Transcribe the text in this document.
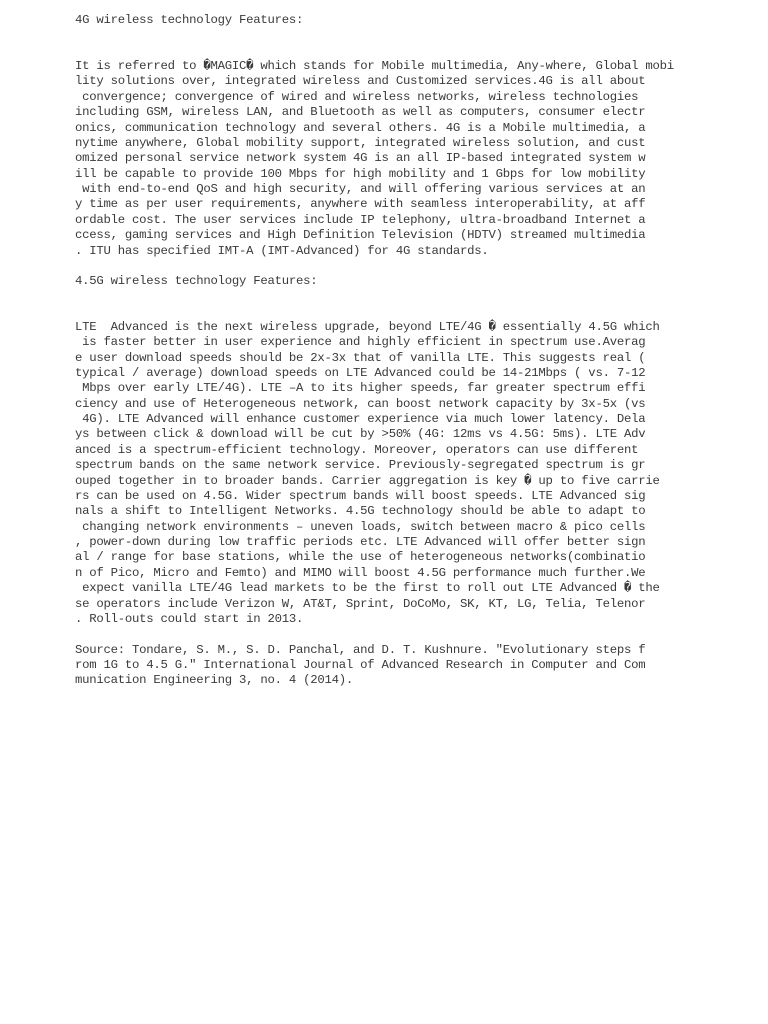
4G wireless technology Features:

It is referred to �MAGIC� which stands for Mobile multimedia, Any-where, Global mobi

lity solutions over, integrated wireless and Customized services.4G is all about

convergence; convergence of wired and wireless networks, wireless technologies

including GSM, wireless LAN, and Bluetooth as well as computers, consumer electr

onics, communication technology and several others. 4G is a Mobile multimedia, a

nytime anywhere, Global mobility support, integrated wireless solution, and cust

omized personal service network system 4G is an all IP-based integrated system w

ill be capable to provide 100 Mbps for high mobility and 1 Gbps for low mobility

with end-to-end QoS and high security, and will offering various services at an

y time as per user requirements, anywhere with seamless interoperability, at aff

ordable cost. The user services include IP telephony, ultra-broadband Internet a

ccess, gaming services and High Definition Television (HDTV) streamed multimedia

. ITU has specified IMT-A (IMT-Advanced) for 4G standards.

4.5G wireless technology Features:

LTE  Advanced is the next wireless upgrade, beyond LTE/4G � essentially 4.5G which

is faster better in user experience and highly efficient in spectrum use.Averag

e user download speeds should be 2x-3x that of vanilla LTE. This suggests real (

typical / average) download speeds on LTE Advanced could be 14-21Mbps ( vs. 7-12

Mbps over early LTE/4G). LTE –A to its higher speeds, far greater spectrum effi

ciency and use of Heterogeneous network, can boost network capacity by 3x-5x (vs

4G). LTE Advanced will enhance customer experience via much lower latency. Dela

ys between click & download will be cut by >50% (4G: 12ms vs 4.5G: 5ms). LTE Adv

anced is a spectrum-efficient technology. Moreover, operators can use different

spectrum bands on the same network service. Previously-segregated spectrum is gr

ouped together in to broader bands. Carrier aggregation is key � up to five carrie

rs can be used on 4.5G. Wider spectrum bands will boost speeds. LTE Advanced sig

nals a shift to Intelligent Networks. 4.5G technology should be able to adapt to

changing network environments – uneven loads, switch between macro & pico cells

, power-down during low traffic periods etc. LTE Advanced will offer better sign

al / range for base stations, while the use of heterogeneous networks(combinatio

n of Pico, Micro and Femto) and MIMO will boost 4.5G performance much further.We

expect vanilla LTE/4G lead markets to be the first to roll out LTE Advanced � the

se operators include Verizon W, AT&T, Sprint, DoCoMo, SK, KT, LG, Telia, Telenor

. Roll-outs could start in 2013.

Source: Tondare, S. M., S. D. Panchal, and D. T. Kushnure. "Evolutionary steps f

rom 1G to 4.5 G." International Journal of Advanced Research in Computer and Com

munication Engineering 3, no. 4 (2014).
